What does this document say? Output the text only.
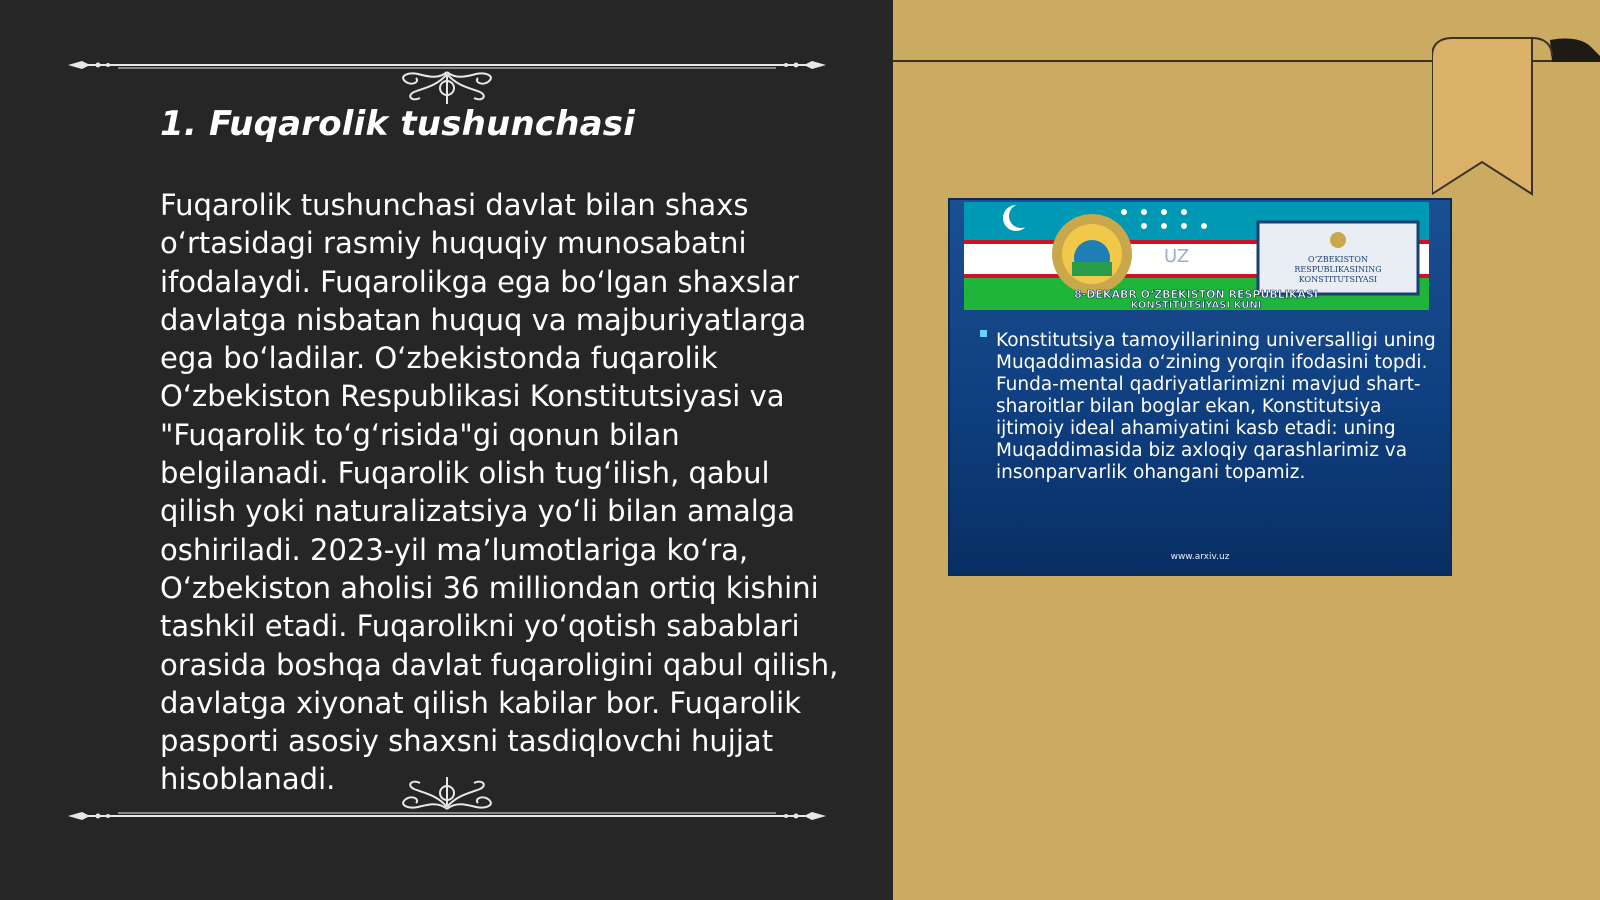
1. Fuqarolik tushunchasi

Fuqarolik tushunchasi davlat bilan shaxs o‘rtasidagi rasmiy huquqiy munosabatni ifodalaydi. Fuqarolikga ega bo‘lgan shaxslar davlatga nisbatan huquq va majburiyatlarga ega bo‘ladilar. O‘zbekistonda fuqarolik O‘zbekiston Respublikasi Konstitutsiyasi va "Fuqarolik to‘g‘risida"gi qonun bilan belgilanadi. Fuqarolik olish tug‘ilish, qabul qilish yoki naturalizatsiya yo‘li bilan amalga oshiriladi. 2023-yil ma’lumotlariga ko‘ra, O‘zbekiston aholisi 36 milliondan ortiq kishini tashkil etadi. Fuqarolikni yo‘qotish sabablari orasida boshqa davlat fuqaroligini qabul qilish, davlatga xiyonat qilish kabilar bor. Fuqarolik pasporti asosiy shaxsni tasdiqlovchi hujjat hisoblanadi.

UZ	O‘ZBEKISTON
RESPUBLIKASINING
KONSTITUTSIYASI
8-DEKABR O‘ZBEKISTON RESPUBLIKASI
KONSTITUTSIYASI KUNI

Konstitutsiya tamoyillarining universalligi uning Muqaddimasida o‘zining yorqin ifodasini topdi. Funda-mental qadriyatlarimizni mavjud shart-sharoitlar bilan boglar ekan, Konstitutsiya ijtimoiy ideal ahamiyatini kasb etadi: uning Muqaddimasida biz axloqiy qarashlarimiz va insonparvarlik ohangani topamiz.

www.arxiv.uz
